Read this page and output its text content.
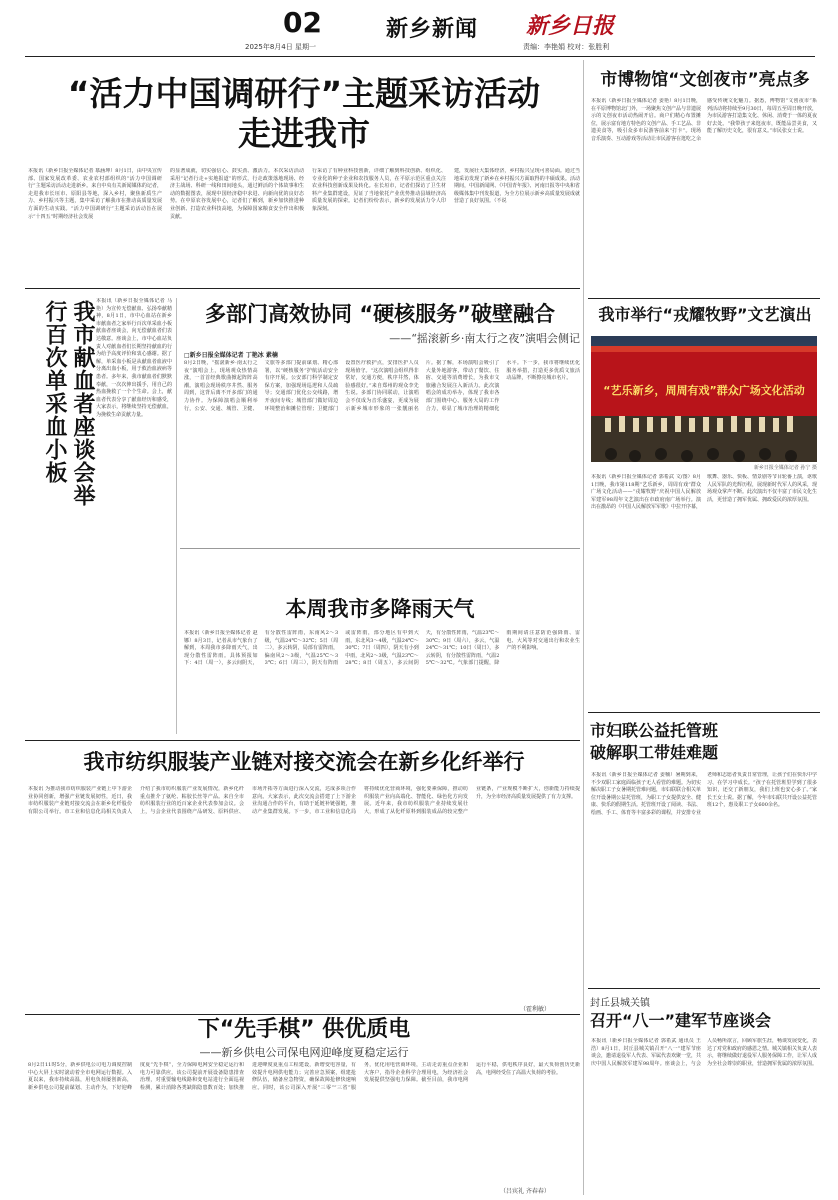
02
2025年8月4日 星期一
新乡新闻 新乡日报
责编：李艳娟 校对：张胜利
“活力中国调研行”主题采访活动
走进我市
本报讯（新乡日报全媒体记者 慕涵坤）8月1日，由中央宣传部、国家发展改革委、农业农村部组织的“活力中国调研行”主题采访活动走进新乡。来自中央有关新闻媒体的记者，走进我市长垣市、原阳县等地，深入乡村，聚焦新质生产力、乡村振兴等主题，集中采访了解我市在推动高质量发展方面的生动实践。“活力中国调研行”主题采访活动旨在展示“十四五”时期经济社会发展
的显著成就，切实强信心、鼓实劲、激活力。本次采访活动采用“记者行走+实地报道”的形式，行走政策落地现场、经济主战场、科研一线和田间地头，通过鲜活的个体故事和生动的数据图表，展现中国经济稳中求进、向新向优的良好态势。在中原农谷发展中心，记者们了解到，新乡加快推进种业创新、打造农业科技高地，为保障国家粮食安全作出积极贡献。
行采访了有种业科技创新，详细了解到科技创新、组织化、专业化的种子企业和农技服务人员，在平原示范区重点关注农业科技创新成果及转化。在长垣市，记者们探访了卫生材料产业集群建设，见证了当地依托产业优势推动县域经济高质量发展的探索。记者们纷纷表示，新乡的发展活力令人印象深刻。
建，发展壮大集体经济，乡村振兴呈现可喜局面。通过当地采访发现了新乡在乡村振兴方面取得的丰硕成果。活动期间，中国新闻网、《中国青年报》、河南日报等中央和省级媒体集中刊发报道，为全方位展示新乡高质量发展成就营造了良好氛围。（不说
我市献血者座谈会举行百次单采血小板	本报讯（新乡日报全媒体记者 马艳）为宣传无偿献血、弘扬奉献精神，8月1日，市中心血站在新乡市献血者之家举行百次单采血小板献血者座谈会，向无偿献血者们表达敬意。座谈会上，市中心血站负责人对献血者们长期坚持献血的行为给予高度评价和衷心感谢。据了解，单采血小板是从献血者血液中分离出血小板，用于救治血液病等患者。多年来，我市献血者们默默奉献，一次次伸出援手，用自己的热血挽救了一个个生命。会上，献血者代表分享了献血经历和感受，大家表示，将继续坚持无偿献血，为挽救生命贡献力量。
多部门高效协同 “硬核服务”破壁融合
——“摇滚新乡·南太行之夜”演唱会侧记
□新乡日报全媒体记者 丁艳冰 素楠
8月2日晚，“摇滚新乡·南太行之夜”演唱会上，现场观众热情高涨，一首首经典歌曲掀起阵阵高潮。演唱会现场秩序井然、服务周到，这背后离不开多部门的通力协作。为保障演唱会顺利举行，公安、交通、城管、卫健、文旅等多部门提前谋划、精心部署，以“硬核服务”护航活动安全有序开展。公安部门科学制定安保方案，加强现场巡逻和人员疏导；交通部门优化公交线路，增开夜间专线；城管部门做好周边环境整治和摊位管理；卫健部门设置医疗救护点，安排医护人员现场值守。“这次演唱会组织得非常好，交通方便，秩序井然，体验感很好。”来自郑州的观众李先生说。多部门协同联动，让演唱会不仅成为音乐盛宴，更成为展示新乡城市形象的一张靓丽名片。据了解，本场演唱会吸引了大量外地游客，带动了餐饮、住宿、交通等消费增长，为我市文旅融合发展注入新活力。此次演唱会的成功举办，体现了我市各部门围绕中心、服务大局的工作合力，彰显了城市治理的精细化水平。下一步，我市将继续优化服务举措，打造更多优质文旅活动品牌，不断擦亮城市名片。
本周我市多降雨天气
本报讯（新乡日报全媒体记者 赵娜）8月3日，记者从市气象台了解到，本周我市多降雨天气，出现分散性雷阵雨。具体预报如下：4日（周一），多云间阴天，有分散性雷阵雨，东南风2～3级，气温24℃～32℃；5日（周二），多云转阴，局部有雷阵雨，偏南风2～3级，气温25℃～33℃；6日（周三），阴天有阵雨或雷阵雨，部分地区有中到大雨，东北风3～4级，气温24℃～30℃；7日（周四），阴天有小到中雨，北风2～3级，气温23℃～28℃；8日（周五），多云间阴天，有分散性阵雨，气温23℃～30℃；9日（周六），多云，气温24℃～31℃；10日（周日），多云转阴，有分散性雷阵雨，气温25℃～32℃。气象部门提醒，降雨期间请注意防范强降雨、雷电、大风等对交通出行和农业生产的不利影响。
我市纺织服装产业链对接交流会在新乡化纤举行
本报讯 为推动我市纺织服装产业链上中下游企业协同创新，增强产业链发展韧性，近日，我市纺织服装产业链对接交流会在新乡化纤股份有限公司举行。市工业和信息化局相关负责人介绍了我市纺织服装产业发展情况，新乡化纤重点推介了氨纶、粘胶长丝等产品。来自全市纺织服装行业的近百家企业代表参加会议。会上，与会企业代表围绕产品研发、原料供应、市场开拓等方面进行深入交流，达成多项合作意向。大家表示，此次交流会搭建了上下游企业沟通合作的平台，有助于延链补链强链，推动产业集群发展。下一步，市工业和信息化局将持续优化营商环境，强化要素保障，推动纺织服装产业向高端化、智能化、绿色化方向发展。近年来，我市纺织服装产业持续发展壮大，形成了从化纤原料到服装成品的较完整产业链条，产业规模不断扩大，创新能力持续提升，为全市经济高质量发展提供了有力支撑。
（霍利敏）
下“先手棋” 供优质电
——新乡供电公司保电网迎峰度夏稳定运行
8月2日11时5分，新乡供电公司电力调度控制中心大屏上实时滚动着全市电网运行数据。入夏以来，我市持续高温，用电负荷屡创新高，新乡供电公司提前谋划、主动作为，下好迎峰度夏“先手棋”，全力保障电网安全稳定运行和电力可靠供应。该公司提前开展设备隐患排查治理，对重要输电线路和变电站进行全面巡视检测，累计消除各类缺陷隐患数百处；加快推进迎峰度夏重点工程建设，新增变电容量，有效提升电网供电能力；完善应急预案，组建抢修队伍，储备应急物资，确保故障抢修快速响应。同时，该公司深入开展“三零”“三省”服务，优化用电营商环境，主动走访重点企业和大客户，指导企业科学合理用电，为经济社会发展提供坚强电力保障。截至目前，我市电网运行平稳，供电秩序良好，最大负荷创历史新高，电网经受住了高温大负荷的考验。
（吕宾礼 齐春春）
市博物馆“文创夜市”亮点多
本报讯（新乡日报全媒体记者 姜艳）8月1日晚，在平原博物馆北门外，一场聚焦文创产品与非遗展示的文创夜市活动热闹开启。商户们精心布置摊位，展示富有地方特色的文创产品、手工艺品、非遗美食等，吸引众多市民游客前来“打卡”。现场音乐演奏、互动游戏等活动让市民游客在逛吃之余感受传统文化魅力。据悉，博物馆“文创夜市”系列活动将持续至9月30日，每周五至周日晚开放，为市民游客打造集文化、休闲、消费于一体的夏夜好去处。“我带孩子来逛夜市，既能品尝美食，又能了解历史文化，很有意义。”市民张女士说。
我市举行“戎耀牧野”文艺演出
“艺乐新乡，周周有戏”群众广场文化活动
新乡日报全媒体记者 孙宁 摄
本报讯（新乡日报全媒体记者 郭希武 文/图）8月1日晚，我市第118期“艺乐新乡，周周有戏”群众广场文化活动——“戎耀牧野”庆祝中国人民解放军建军98周年文艺演出在市政府南广场举行。演出在激昂的《中国人民解放军军歌》中拉开序幕，歌舞、器乐、快板、情景剧等节目轮番上演，讴歌人民军队的光辉历程，展现新时代军人的风采，现场观众掌声不断。此次演出不仅丰富了市民文化生活，更营造了拥军优属、拥政爱民的浓厚氛围。
市妇联公益托管班
破解职工带娃难题
本报讯（新乡日报全媒体记者 姜楠）暑期到来，不少双职工家庭面临孩子无人看管的难题。为切实解决职工子女暑期托管难问题，市妇联联合相关单位开设暑期公益托管班，为职工子女提供安全、健康、快乐的假期生活。托管班开设了阅读、书法、绘画、手工、体育等丰富多彩的课程，并安排专业老师和志愿者负责日常管理，让孩子们在快乐中学习、在学习中成长。“孩子在托管班里学到了很多知识，还交了新朋友，我们上班也安心多了。”家长王女士说。据了解，今年市妇联共开设公益托管班12个，惠及职工子女600余名。
封丘县城关镇
召开“八一”建军节座谈会
本报讯（新乡日报全媒体记者 郭希武 通讯员 王浩）8月1日，封丘县城关镇召开“八一”建军节座谈会，邀请退役军人代表、军属代表欢聚一堂，共庆中国人民解放军建军98周年。座谈会上，与会人员畅所欲言，回顾军旅生涯，畅谈发展变化，表达了对党和政府的感恩之情。城关镇相关负责人表示，将继续做好退役军人服务保障工作，让军人成为全社会尊崇的职业，营造拥军优属的浓厚氛围。
